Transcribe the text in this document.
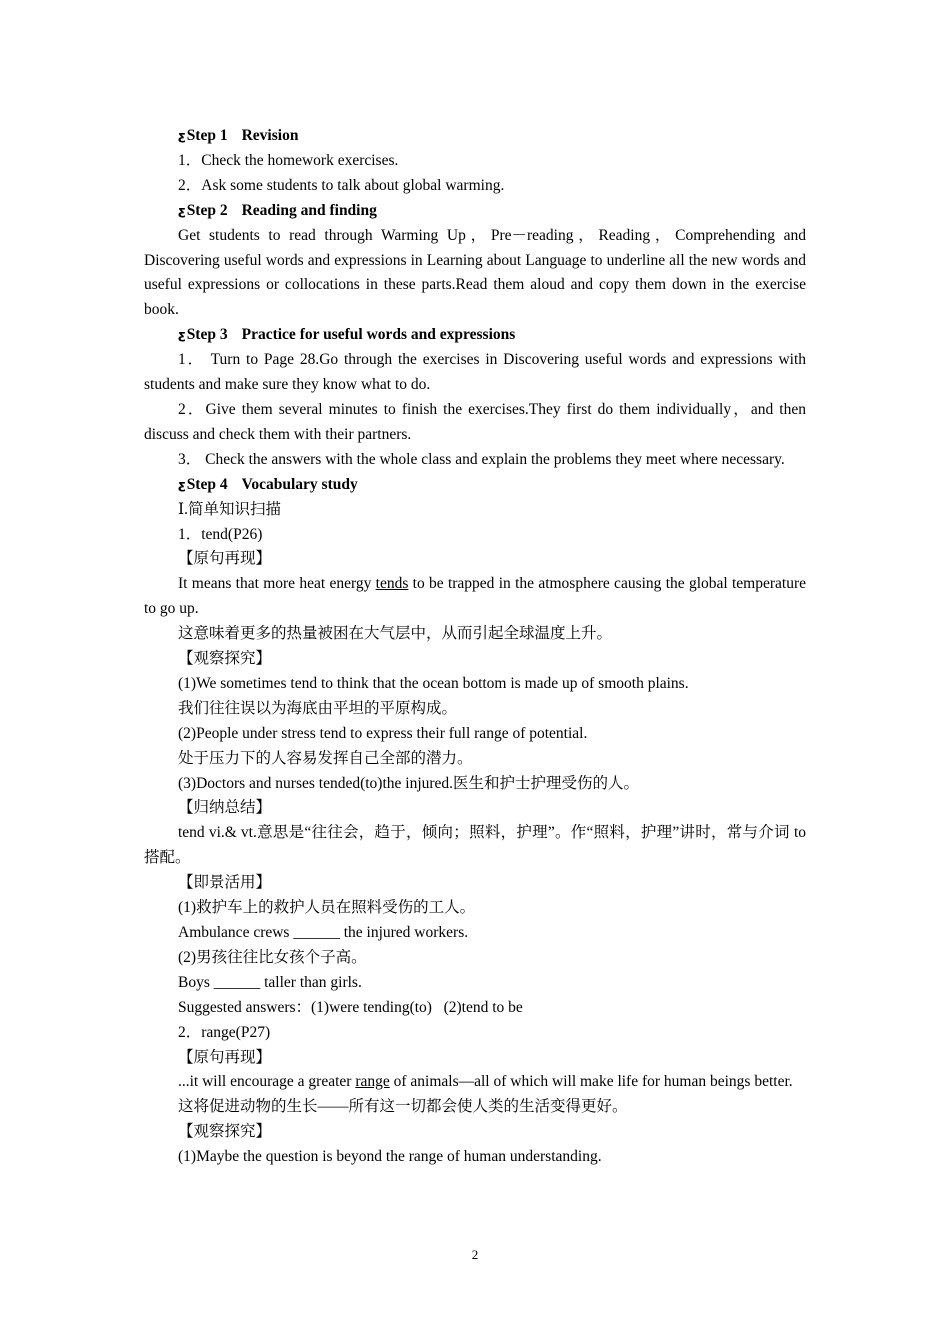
ƹStep 1 Revision

1．Check the homework exercises.

2．Ask some students to talk about global warming.

ƹStep 2 Reading and finding

Get students to read through Warming Up，Pre－reading，Reading，Comprehending and Discovering useful words and expressions in Learning about Language to underline all the new words and useful expressions or collocations in these parts.Read them aloud and copy them down in the exercise book.

ƹStep 3 Practice for useful words and expressions

1． Turn to Page 28.Go through the exercises in Discovering useful words and expressions with students and make sure they know what to do.

2．Give them several minutes to finish the exercises.They first do them individually，and then discuss and check them with their partners.

3． Check the answers with the whole class and explain the problems they meet where necessary.

ƹStep 4 Vocabulary study

Ⅰ.简单知识扫描

1．tend(P26)

【原句再现】

It means that more heat energy tends to be trapped in the atmosphere causing the global temperature to go up.

这意味着更多的热量被困在大气层中，从而引起全球温度上升。

【观察探究】

(1)We sometimes tend to think that the ocean bottom is made up of smooth plains.

我们往往误以为海底由平坦的平原构成。

(2)People under stress tend to express their full range of potential.

处于压力下的人容易发挥自己全部的潜力。

(3)Doctors and nurses tended(to)the injured.医生和护士护理受伤的人。

【归纳总结】

tend vi.& vt.意思是“往往会，趋于，倾向；照料，护理”。作“照料，护理”讲时，常与介词 to 搭配。

【即景活用】

(1)救护车上的救护人员在照料受伤的工人。

Ambulance crews ______ the injured workers.

(2)男孩往往比女孩个子高。

Boys ______ taller than girls.

Suggested answers：(1)were tending(to)   (2)tend to be

2．range(P27)

【原句再现】

...it will encourage a greater range of animals—all of which will make life for human beings better.

这将促进动物的生长——所有这一切都会使人类的生活变得更好。

【观察探究】

(1)Maybe the question is beyond the range of human understanding.

2
